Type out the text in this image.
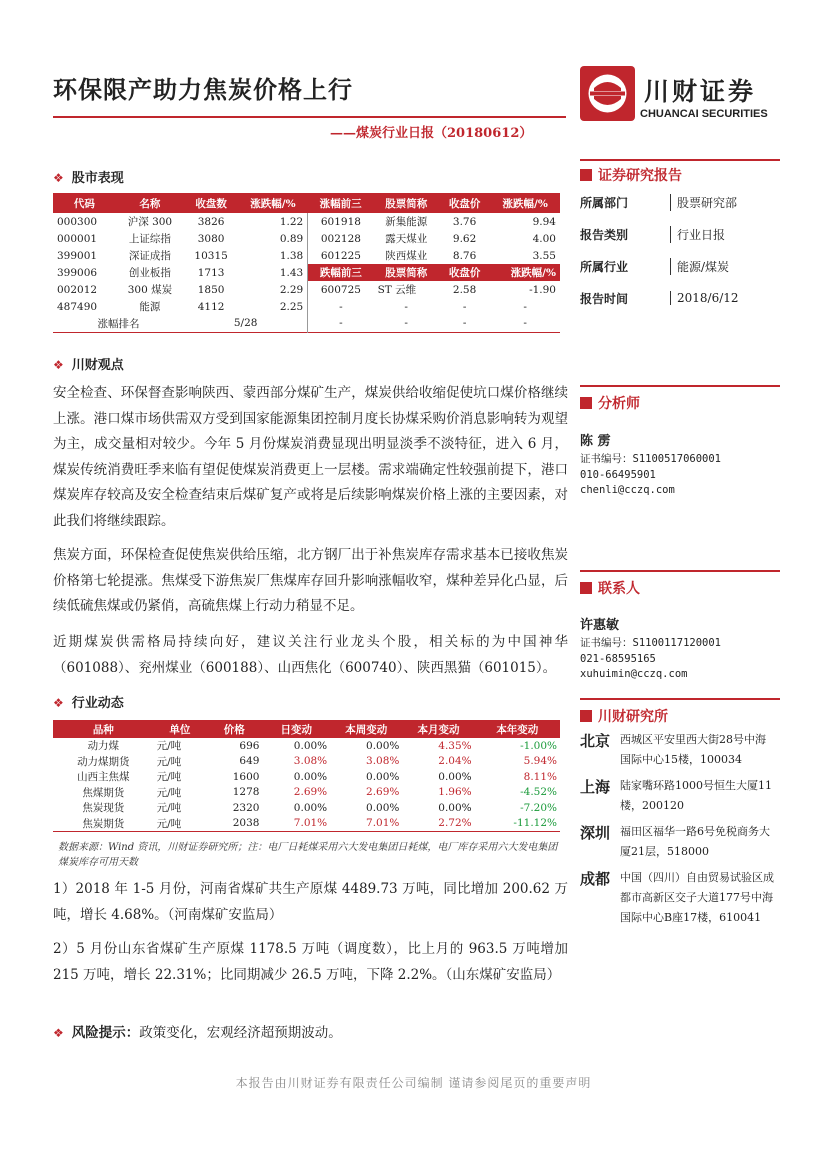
环保限产助力焦炭价格上行
——煤炭行业日报（20180612）
川财证券
CHUANCAI SECURITIES
❖ 股市表现
代码	名称	收盘数	涨跌幅/%	涨幅前三	股票简称	收盘价	涨跌幅/%
000300	沪深 300	3826	1.22	601918	新集能源	3.76	9.94
000001	上证综指	3080	0.89	002128	露天煤业	9.62	4.00
399001	深证成指	10315	1.38	601225	陕西煤业	8.76	3.55
399006	创业板指	1713	1.43	跌幅前三	股票简称	收盘价	涨跌幅/%
002012	300 煤炭	1850	2.29	600725	ST 云维	2.58	-1.90
487490	能源	4112	2.25	-	-	-	-
涨幅排名		5/28		-	-	-	-
❖ 川财观点
安全检查、环保督查影响陕西、蒙西部分煤矿生产，煤炭供给收缩促使坑口煤价格继续上涨。港口煤市场供需双方受到国家能源集团控制月度长协煤采购价消息影响转为观望为主，成交量相对较少。今年 5 月份煤炭消费显现出明显淡季不淡特征，进入 6 月，煤炭传统消费旺季来临有望促使煤炭消费更上一层楼。需求端确定性较强前提下，港口煤炭库存较高及安全检查结束后煤矿复产或将是后续影响煤炭价格上涨的主要因素，对此我们将继续跟踪。
焦炭方面，环保检查促使焦炭供给压缩，北方钢厂出于补焦炭库存需求基本已接收焦炭价格第七轮提涨。焦煤受下游焦炭厂焦煤库存回升影响涨幅收窄，煤种差异化凸显，后续低硫焦煤或仍紧俏，高硫焦煤上行动力稍显不足。
近期煤炭供需格局持续向好，建议关注行业龙头个股，相关标的为中国神华（601088）、兖州煤业（600188）、山西焦化（600740）、陕西黑猫（601015）。
❖ 行业动态
品种	单位	价格	日变动	本周变动	本月变动	本年变动
动力煤	元/吨	696	0.00%	0.00%	4.35%	-1.00%
动力煤期货	元/吨	649	3.08%	3.08%	2.04%	5.94%
山西主焦煤	元/吨	1600	0.00%	0.00%	0.00%	8.11%
焦煤期货	元/吨	1278	2.69%	2.69%	1.96%	-4.52%
焦炭现货	元/吨	2320	0.00%	0.00%	0.00%	-7.20%
焦炭期货	元/吨	2038	7.01%	7.01%	2.72%	-11.12%
数据来源：Wind 资讯，川财证券研究所；注：电厂日耗煤采用六大发电集团日耗煤，电厂库存采用六大发电集团煤炭库存可用天数
1）2018 年 1-5 月份，河南省煤矿共生产原煤 4489.73 万吨，同比增加 200.62 万吨，增长 4.68%。（河南煤矿安监局）
2）5 月份山东省煤矿生产原煤 1178.5 万吨（调度数），比上月的 963.5 万吨增加 215 万吨，增长 22.31%；比同期减少 26.5 万吨，下降 2.2%。（山东煤矿安监局）
❖ 风险提示：政策变化，宏观经济超预期波动。
证券研究报告
所属部门	股票研究部
报告类别	行业日报
所属行业	能源/煤炭
报告时间	2018/6/12
分析师
陈 雳
证书编号：S1100517060001
010-66495901
chenli@cczq.com
联系人
许惠敏
证书编号：S1100117120001
021-68595165
xuhuimin@cczq.com
川财研究所
北京 西城区平安里西大街28号中海国际中心15楼，100034
上海 陆家嘴环路1000号恒生大厦11楼，200120
深圳 福田区福华一路6号免税商务大厦21层，518000
成都 中国（四川）自由贸易试验区成都市高新区交子大道177号中海国际中心B座17楼，610041
本报告由川财证券有限责任公司编制 谨请参阅尾页的重要声明
